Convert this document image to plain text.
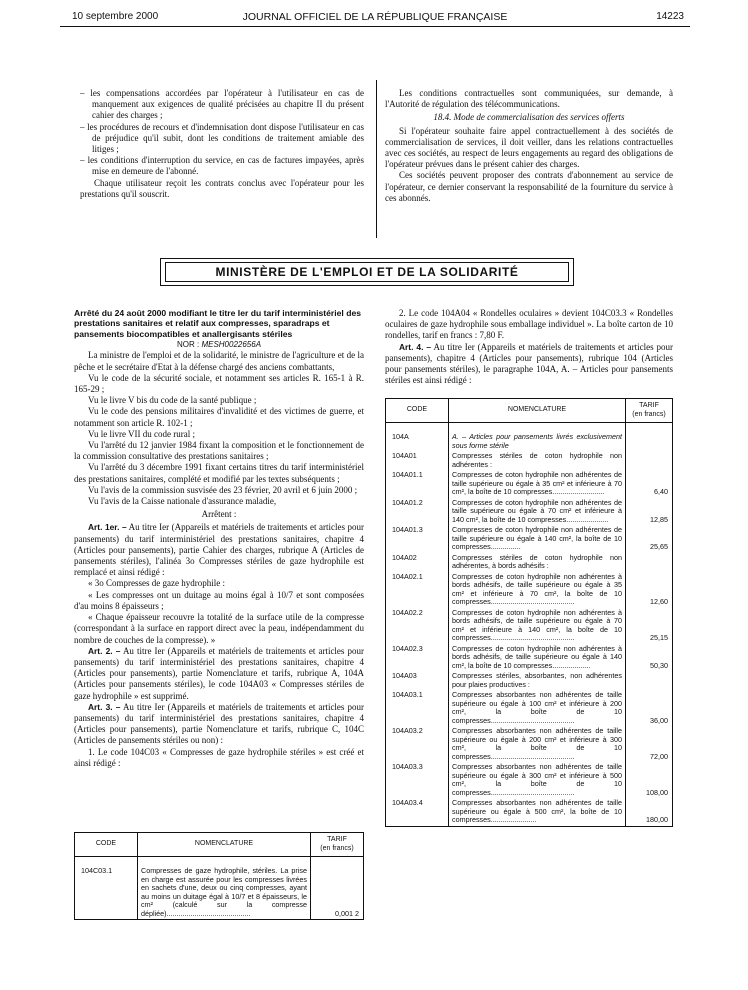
10 septembre 2000	JOURNAL OFFICIEL DE LA RÉPUBLIQUE FRANÇAISE	14223

– les compensations accordées par l'opérateur à l'utilisateur en cas de manquement aux exigences de qualité précisées au chapitre II du présent cahier des charges ;

– les procédures de recours et d'indemnisation dont dispose l'utilisateur en cas de préjudice qu'il subit, dont les conditions de traitement amiable des litiges ;

– les conditions d'interruption du service, en cas de factures impayées, après mise en demeure de l'abonné.

Chaque utilisateur reçoit les contrats conclus avec l'opérateur pour les prestations qu'il souscrit.

Les conditions contractuelles sont communiquées, sur demande, à l'Autorité de régulation des télécommunications.

18.4. Mode de commercialisation des services offerts

Si l'opérateur souhaite faire appel contractuellement à des sociétés de commercialisation de services, il doit veiller, dans les relations contractuelles avec ces sociétés, au respect de leurs engagements au regard des obligations de l'opérateur prévues dans le présent cahier des charges.

Ces sociétés peuvent proposer des contrats d'abonnement au service de l'opérateur, ce dernier conservant la responsabilité de la fourniture du service à ces abonnés.

MINISTÈRE DE L'EMPLOI ET DE LA SOLIDARITÉ

Arrêté du 24 août 2000 modifiant le titre Ier du tarif interministériel des prestations sanitaires et relatif aux compresses, sparadraps et pansements biocompatibles et anallergisants stériles

NOR : MESH0022656A

La ministre de l'emploi et de la solidarité, le ministre de l'agriculture et de la pêche et le secrétaire d'Etat à la défense chargé des anciens combattants,

Vu le code de la sécurité sociale, et notamment ses articles R. 165-1 à R. 165-29 ;

Vu le livre V bis du code de la santé publique ;

Vu le code des pensions militaires d'invalidité et des victimes de guerre, et notamment son article R. 102-1 ;

Vu le livre VII du code rural ;

Vu l'arrêté du 12 janvier 1984 fixant la composition et le fonctionnement de la commission consultative des prestations sanitaires ;

Vu l'arrêté du 3 décembre 1991 fixant certains titres du tarif interministériel des prestations sanitaires, complété et modifié par les textes subséquents ;

Vu l'avis de la commission susvisée des 23 février, 20 avril et 6 juin 2000 ;

Vu l'avis de la Caisse nationale d'assurance maladie,

Arrêtent :

Art. 1er. – Au titre Ier (Appareils et matériels de traitements et articles pour pansements) du tarif interministériel des prestations sanitaires, chapitre 4 (Articles pour pansements), partie Cahier des charges, rubrique A (Articles de pansements stériles), l'alinéa 3o Compresses stériles de gaze hydrophile est remplacé et ainsi rédigé :

« 3o Compresses de gaze hydrophile :

« Les compresses ont un duitage au moins égal à 10/7 et sont composées d'au moins 8 épaisseurs ;

« Chaque épaisseur recouvre la totalité de la surface utile de la compresse (correspondant à la surface en rapport direct avec la peau, indépendamment du nombre de couches de la compresse). »

Art. 2. – Au titre Ier (Appareils et matériels de traitements et articles pour pansements) du tarif interministériel des prestations sanitaires, chapitre 4 (Articles pour pansements), partie Nomenclature et tarifs, rubrique A, 104A (Articles pour pansements stériles), le code 104A03 « Compresses stériles de gaze hydrophile » est supprimé.

Art. 3. – Au titre Ier (Appareils et matériels de traitements et articles pour pansements) du tarif interministériel des prestations sanitaires, chapitre 4 (Articles pour pansements), partie Nomenclature et tarifs, rubrique C, 104C (Articles de pansements stériles ou non) :

1. Le code 104C03 « Compresses de gaze hydrophile stériles » est créé et ainsi rédigé :

CODE	NOMENCLATURE	TARIF
(en francs)
104C03.1	Compresses de gaze hydrophile, stériles. La prise en charge est assurée pour les compresses livrées en sachets d'une, deux ou cinq compresses, ayant au moins un duitage égal à 10/7 et 8 épaisseurs, le cm² (calculé sur la compresse dépliée)..........................................	0,001 2

2. Le code 104A04 « Rondelles oculaires » devient 104C03.3 « Rondelles oculaires de gaze hydrophile sous emballage individuel ». La boîte carton de 10 rondelles, tarif en francs : 7,80 F.

Art. 4. – Au titre Ier (Appareils et matériels de traitements et articles pour pansements), chapitre 4 (Articles pour pansements), rubrique 104 (Articles pour pansements stériles), le paragraphe 104A, A. – Articles pour pansements stériles est ainsi rédigé :

CODE	NOMENCLATURE	TARIF
(en francs)
104A	A. – Articles pour pansements livrés exclusivement sous forme stérile	
104A01	Compresses stériles de coton hydrophile non adhérentes :	
104A01.1	Compresses de coton hydrophile non adhérentes de taille supérieure ou égale à 35 cm² et inférieure à 70 cm², la boîte de 10 compresses..........................	6,40
104A01.2	Compresses de coton hydrophile non adhérentes de taille supérieure ou égale à 70 cm² et inférieure à 140 cm², la boîte de 10 compresses.....................	12,85
104A01.3	Compresses de coton hydrophile non adhérentes de taille supérieure ou égale à 140 cm², la boîte de 10 compresses...............	25,65
104A02	Compresses stériles de coton hydrophile non adhérentes, à bords adhésifs :	
104A02.1	Compresses de coton hydrophile non adhérentes à bords adhésifs, de taille supérieure ou égale à 35 cm² et inférieure à 70 cm², la boîte de 10 compresses..........................................	12,60
104A02.2	Compresses de coton hydrophile non adhérentes à bords adhésifs, de taille supérieure ou égale à 70 cm² et inférieure à 140 cm², la boîte de 10 compresses..........................................	25,15
104A02.3	Compresses de coton hydrophile non adhérentes à bords adhésifs, de taille supérieure ou égale à 140 cm², la boîte de 10 compresses...................	50,30
104A03	Compresses stériles, absorbantes, non adhérentes pour plaies productives :	
104A03.1	Compresses absorbantes non adhérentes de taille supérieure ou égale à 100 cm² et inférieure à 200 cm², la boîte de 10 compresses..........................................	36,00
104A03.2	Compresses absorbantes non adhérentes de taille supérieure ou égale à 200 cm² et inférieure à 300 cm², la boîte de 10 compresses..........................................	72,00
104A03.3	Compresses absorbantes non adhérentes de taille supérieure ou égale à 300 cm² et inférieure à 500 cm², la boîte de 10 compresses..........................................	108,00
104A03.4	Compresses absorbantes non adhérentes de taille supérieure ou égale à 500 cm², la boîte de 10 compresses.......................	180,00
